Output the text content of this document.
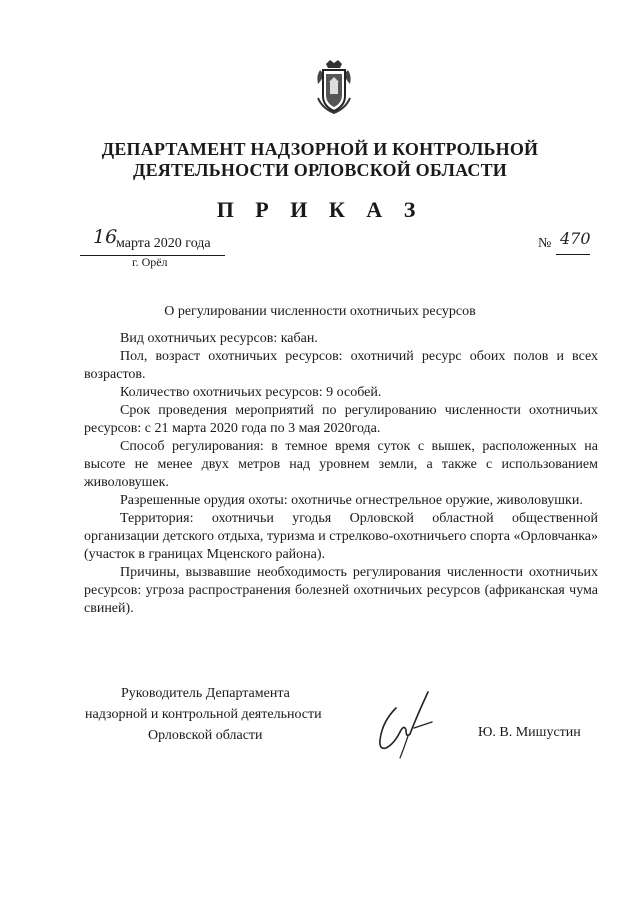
ДЕПАРТАМЕНТ НАДЗОРНОЙ И КОНТРОЛЬНОЙ
ДЕЯТЕЛЬНОСТИ ОРЛОВСКОЙ ОБЛАСТИ
П Р И К А З
16
марта 2020 года
г. Орёл
№ 470
О регулировании численности охотничьих ресурсов

Вид охотничьих ресурсов: кабан.

Пол, возраст охотничьих ресурсов: охотничий ресурс обоих полов и всех возрастов.

Количество охотничьих ресурсов: 9 особей.

Срок проведения мероприятий по регулированию численности охотничьих ресурсов: с 21 марта 2020 года по 3 мая 2020года.

Способ регулирования: в темное время суток с вышек, расположенных на высоте не менее двух метров над уровнем земли, а также с использованием живоловушек.

Разрешенные орудия охоты: охотничье огнестрельное оружие, живоловушки.

Территория: охотничьи угодья Орловской областной общественной организации детского отдыха, туризма и стрелково-охотничьего спорта «Орловчанка» (участок в границах Мценского района).

Причины, вызвавшие необходимость регулирования численности охотничьих ресурсов: угроза распространения болезней охотничьих ресурсов (африканская чума свиней).

Руководитель Департамента
надзорной и контрольной деятельности
Орловской области	Ю. В. Мишустин
